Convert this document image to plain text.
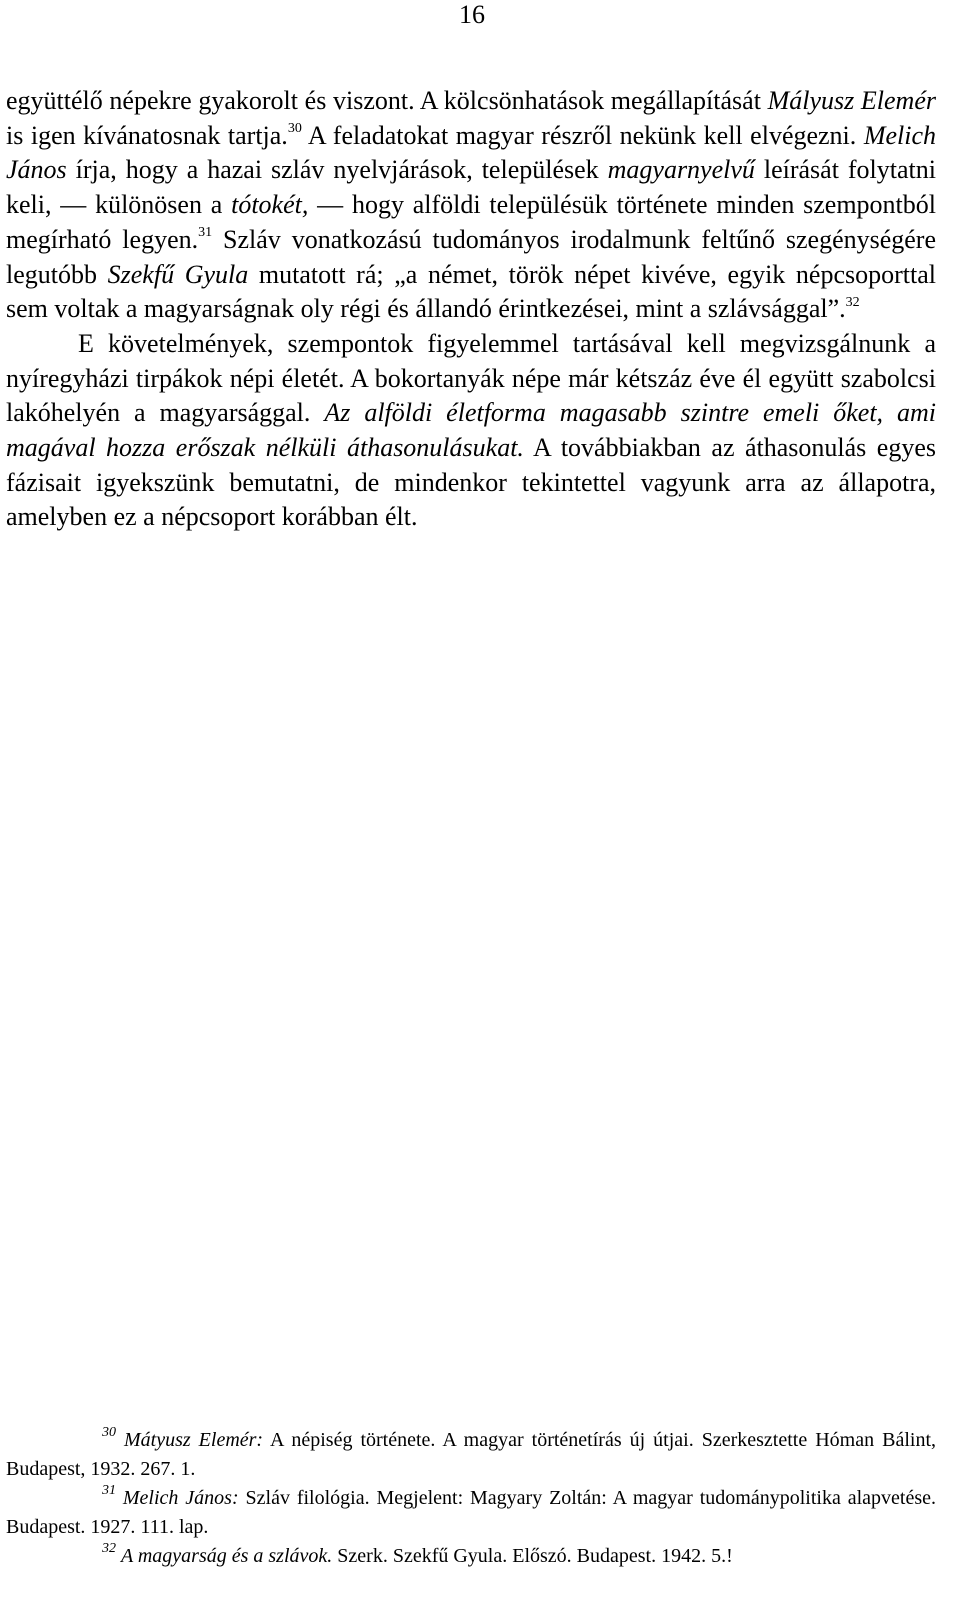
16

együttélő népekre gyakorolt és viszont. A kölcsönhatások megállapítását Mályusz Elemér is igen kívánatosnak tartja.$^{30}$ A feladatokat magyar részről nekünk kell elvégezni. Melich János írja, hogy a hazai szláv nyelvjárások, települések magyarnyelvű leírását folytatni keli, — különösen a tótokét, — hogy alföldi településük története minden szempontból megírható legyen.$^{31}$ Szláv vonatkozású tudományos irodalmunk feltűnő szegénységére legutóbb Szekfű Gyula mutatott rá; „a német, török népet kivéve, egyik népcsoporttal sem voltak a magyarságnak oly régi és állandó érintkezései, mint a szlávsággal”.$^{32}$

E követelmények, szempontok figyelemmel tartásával kell megvizsgálnunk a nyíregyházi tirpákok népi életét. A bokortanyák népe már kétszáz éve él együtt szabolcsi lakóhelyén a magyarsággal. Az alföldi életforma magasabb szintre emeli őket, ami magával hozza erőszak nélküli áthasonulásukat. A továbbiakban az áthasonulás egyes fázisait igyekszünk bemutatni, de mindenkor tekintettel vagyunk arra az állapotra, amelyben ez a népcsoport korábban élt.

$^{30}$ Mátyusz Elemér: A népiség története. A magyar történetírás új útjai. Szerkesztette Hóman Bálint, Budapest, 1932. 267. 1.

$^{31}$ Melich János: Szláv filológia. Megjelent: Magyary Zoltán: A magyar tudománypolitika alapvetése. Budapest. 1927. 111. lap.

$^{32}$ A magyarság és a szlávok. Szerk. Szekfű Gyula. Előszó. Budapest. 1942. 5.!
